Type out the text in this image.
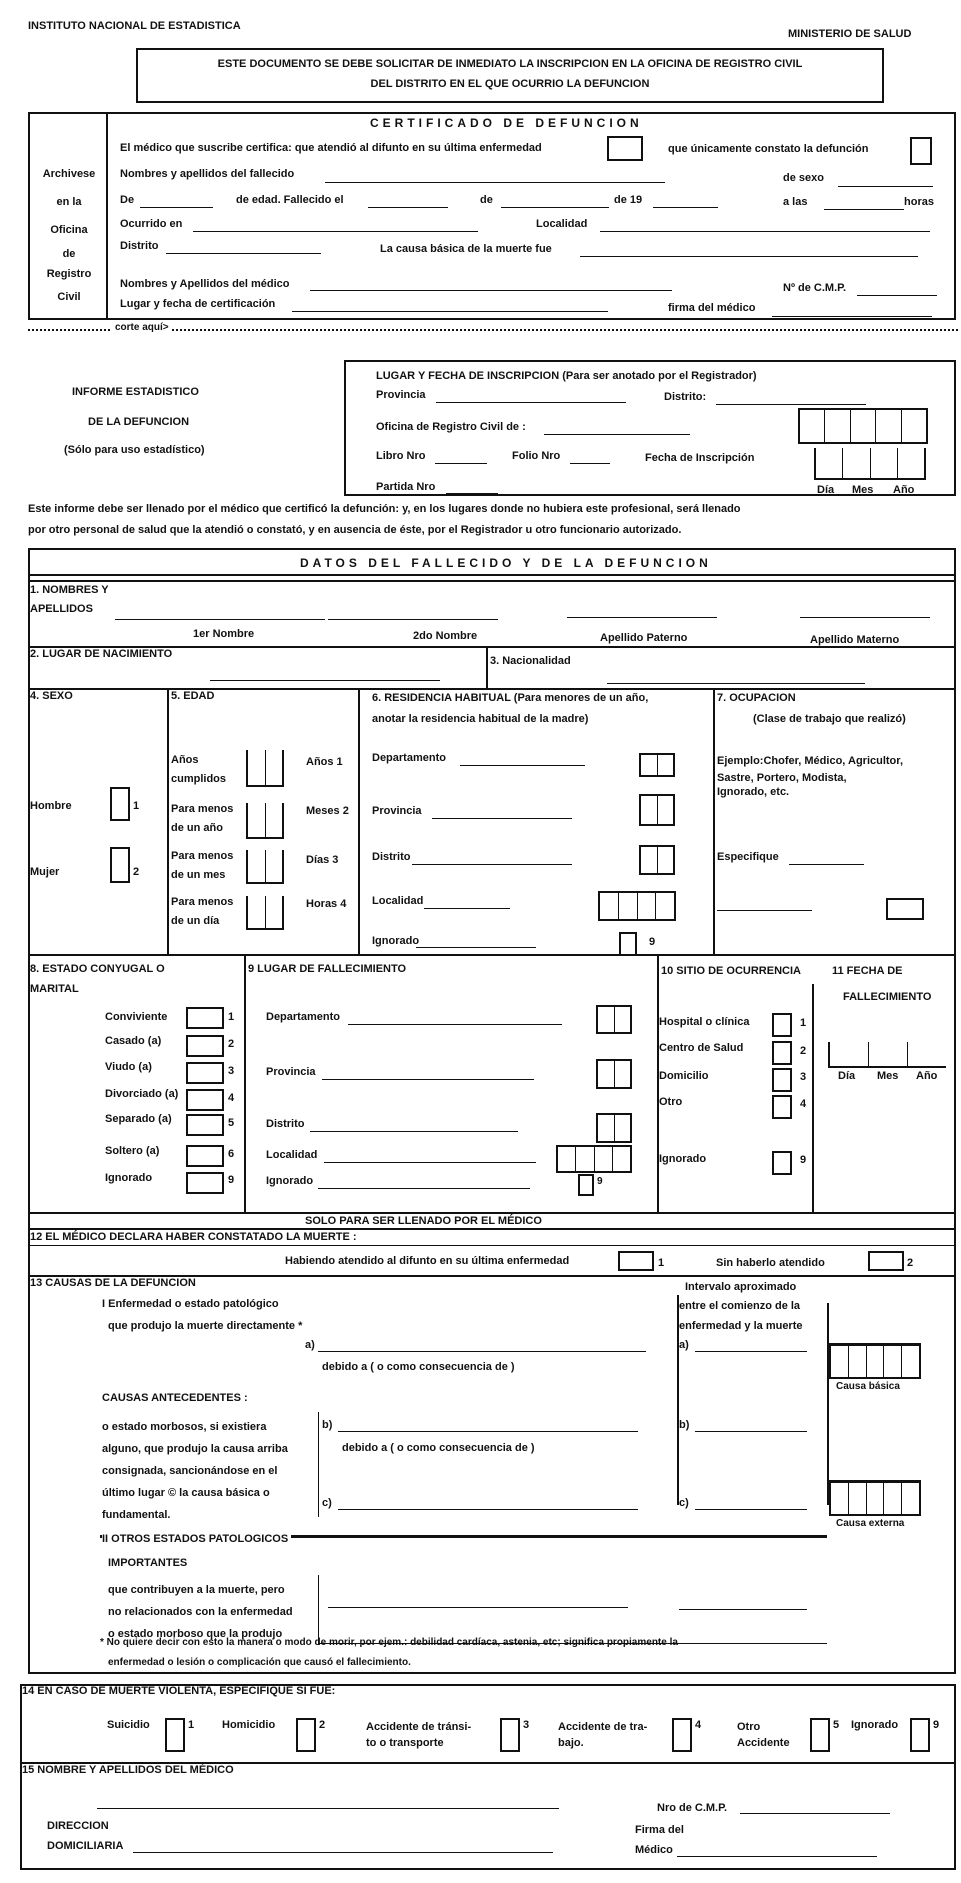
INSTITUTO NACIONAL DE ESTADISTICA
MINISTERIO DE SALUD
ESTE DOCUMENTO SE DEBE SOLICITAR DE INMEDIATO LA INSCRIPCION EN LA OFICINA DE REGISTRO CIVIL
DEL DISTRITO EN EL QUE OCURRIO LA DEFUNCION
Archivese
en la
Oficina
de
Registro
Civil
CERTIFICADO DE DEFUNCION
El médico que suscribe certifica: que atendió al difunto en su última enfermedad	que únicamente constato la defunción
Nombres y apellidos del fallecido	de sexo
De	de edad. Fallecido el	de	de 19	a las	horas
Ocurrido en	Localidad
Distrito	La causa básica de la muerte fue
Nombres y Apellidos del médico	Nº de C.M.P.
Lugar y fecha de certificación	firma del médico
corte aquí>
INFORME ESTADISTICO
DE LA DEFUNCION
(Sólo para uso estadístico)
LUGAR Y FECHA DE INSCRIPCION (Para ser anotado por el Registrador)
Provincia	Distrito:
Oficina de Registro Civil de :
Libro Nro	Folio Nro	Fecha de Inscripción
Partida Nro	Día Mes Año
Este informe debe ser llenado por el médico que certificó la defunción: y, en los lugares donde no hubiera este profesional, será llenado
por otro personal de salud que la atendió o constató, y en ausencia de éste, por el Registrador u otro funcionario autorizado.
DATOS DEL FALLECIDO Y DE LA DEFUNCION
1. NOMBRES Y
APELLIDOS
1er Nombre	2do Nombre	Apellido Paterno	Apellido Materno
2. LUGAR DE NACIMIENTO
3. Nacionalidad
4. SEXO
Hombre	1
Mujer	2
5. EDAD
Años
cumplidos
Años 1
Para menos
de un año
Meses 2
Para menos
de un mes
Días 3
Para menos
de un día
Horas 4
6. RESIDENCIA HABITUAL (Para menores de un año,
anotar la residencia habitual de la madre)
Departamento
Provincia
Distrito
Localidad
Ignorado	9
7. OCUPACION
(Clase de trabajo que realizó)
Ejemplo:Chofer, Médico, Agricultor,
Sastre, Portero, Modista,
Ignorado, etc.
Especifique
8. ESTADO CONYUGAL O
MARITAL
Conviviente	1
Casado (a)	2
Viudo (a)	3
Divorciado (a)	4
Separado (a)	5
Soltero (a)	6
Ignorado	9
9 LUGAR DE FALLECIMIENTO
Departamento
Provincia
Distrito
Localidad
Ignorado	9
10 SITIO DE OCURRENCIA
Hospital o clínica	1
Centro de Salud	2
Domicilio	3
Otro	4
Ignorado	9
11 FECHA DE
FALLECIMIENTO
Día Mes Año
SOLO PARA SER LLENADO POR EL MÉDICO
12 EL MÉDICO DECLARA HABER CONSTATADO LA MUERTE :
Habiendo atendido al difunto en su última enfermedad	1	Sin haberlo atendido	2
13 CAUSAS DE LA DEFUNCION	Intervalo aproximado
entre el comienzo de la
enfermedad y la muerte
I Enfermedad o estado patológico
que produjo la muerte directamente *
a)
debido a ( o como consecuencia de )
a)
Causa básica
CAUSAS ANTECEDENTES :
o estado morbosos, si existiera
alguno, que produjo la causa arriba
consignada, sancionándose en el
último lugar © la causa básica o
fundamental.
b)
debido a ( o como consecuencia de )
b)
c)	c)
Causa externa
II OTROS ESTADOS PATOLOGICOS
IMPORTANTES
que contribuyen a la muerte, pero
no relacionados con la enfermedad
o estado morboso que la produjo
* No quiere decir con esto la manera o modo de morir, por ejem.: debilidad cardíaca, astenia, etc; significa propiamente la
enfermedad o lesión o complicación que causó el fallecimiento.
14 EN CASO DE MUERTE VIOLENTA, ESPECIFIQUE SI FUE:
Suicidio	1	Homicidio	2	Accidente de tránsi-
to o transporte
3	Accidente de tra-
bajo.
4	Otro
Accidente
5 Ignorado	9
15 NOMBRE Y APELLIDOS DEL MÉDICO
DIRECCION
DOMICILIARIA
Nro de C.M.P.
Firma del
Médico
